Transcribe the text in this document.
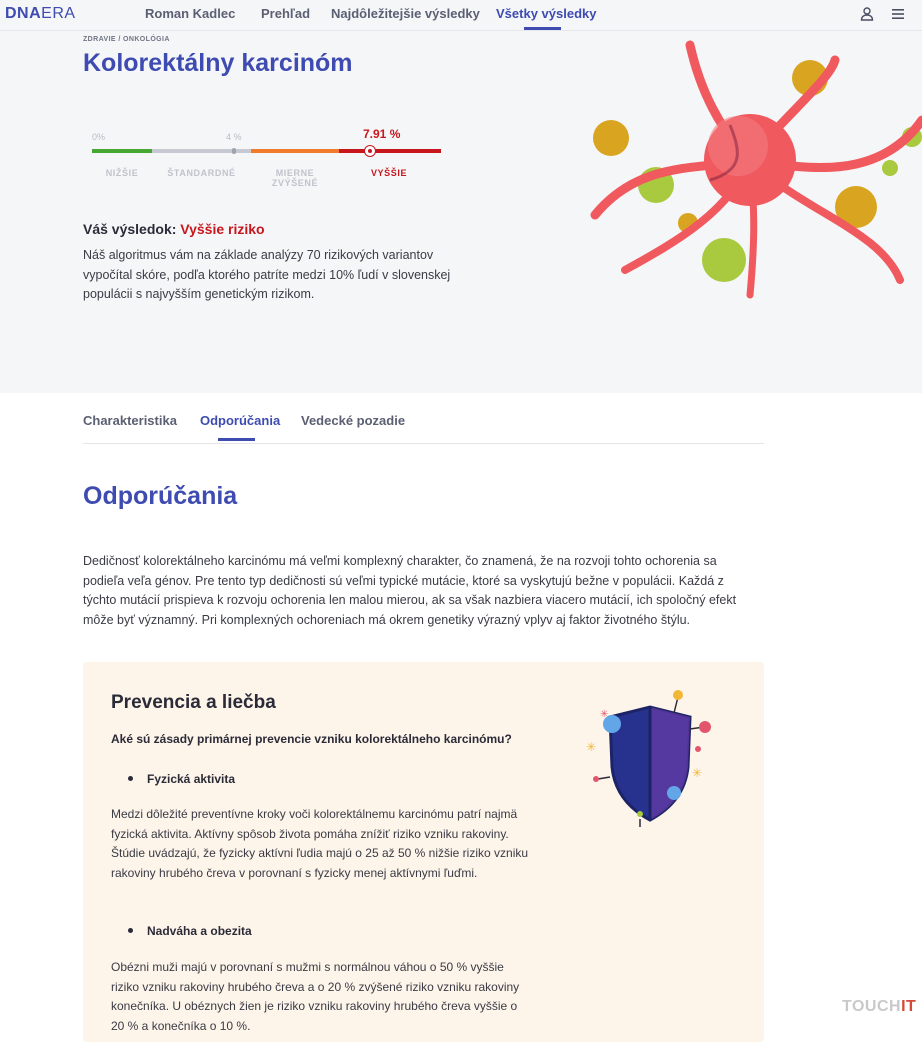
DNAERA	Roman Kadlec Prehľad Najdôležitejšie výsledky Všetky výsledky
ZDRAVIE / ONKOLÓGIA
Kolorektálny karcinóm
0%	4 %	7.91 %
NIŽŠIE	ŠTANDARDNÉ	MIERNE ZVÝŠENÉ
VYŠŠIE
Váš výsledok: Vyššie riziko
Náš algoritmus vám na základe analýzy 70 rizikových variantov vypočítal skóre, podľa ktorého patríte medzi 10% ľudí v slovenskej populácii s najvyšším genetickým rizikom.
Charakteristika Odporúčania Vedecké pozadie
Odporúčania
Dedičnosť kolorektálneho karcinómu má veľmi komplexný charakter, čo znamená, že na rozvoji tohto ochorenia sa podieľa veľa génov. Pre tento typ dedičnosti sú veľmi typické mutácie, ktoré sa vyskytujú bežne v populácii. Každá z týchto mutácií prispieva k rozvoju ochorenia len malou mierou, ak sa však nazbiera viacero mutácií, ich spoločný efekt môže byť významný. Pri komplexných ochoreniach má okrem genetiky výrazný vplyv aj faktor životného štýlu.
Prevencia a liečba
Aké sú zásady primárnej prevencie vzniku kolorektálneho karcinómu?
Fyzická aktivita
Medzi dôležité preventívne kroky voči kolorektálnemu karcinómu patrí najmä fyzická aktivita. Aktívny spôsob života pomáha znížiť riziko vzniku rakoviny. Štúdie uvádzajú, že fyzicky aktívni ľudia majú o 25 až 50 % nižšie riziko vzniku rakoviny hrubého čreva v porovnaní s fyzicky menej aktívnymi ľuďmi.
Nadváha a obezita
Obézni muži majú v porovnaní s mužmi s normálnou váhou o 50 % vyššie riziko vzniku rakoviny hrubého čreva a o 20 % zvýšené riziko vzniku rakoviny konečníka. U obéznych žien je riziko vzniku rakoviny hrubého čreva vyššie o 20 % a konečníka o 10 %.
✳
✳
✳
TOUCHIT
